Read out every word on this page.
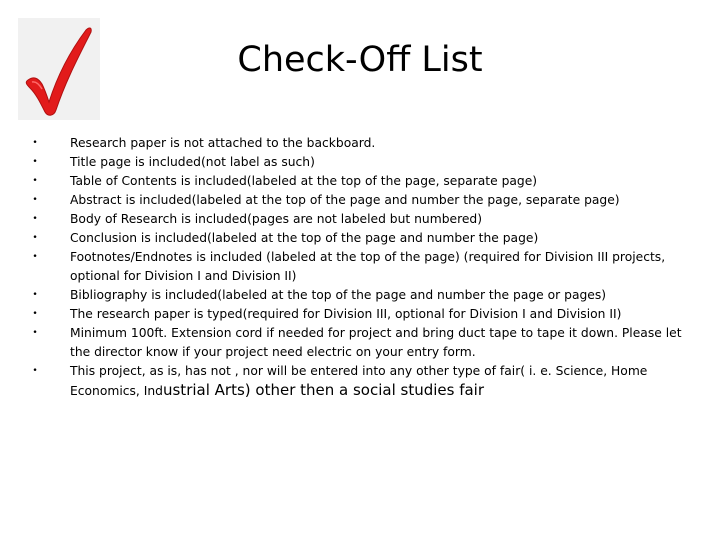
Check-Off List
•	Research paper is not attached to the backboard.
•	Title page is included(not label as such)
•	Table of Contents is included(labeled at the top of the page, separate page)
•	Abstract is included(labeled at the top of the page and number the page, separate page)
•	Body of Research is included(pages are not labeled but numbered)
•	Conclusion is included(labeled at the top of the page and number the page)
•	Footnotes/Endnotes is included (labeled at the top of the page) (required for Division III projects, optional for Division I and Division II)
•	Bibliography is included(labeled at the top of the page and number the page or pages)
•	The research paper is typed(required for Division III, optional for Division I and Division II)
•	Minimum 100ft. Extension cord if needed for project and bring duct tape to tape it down. Please let the director know if your project need electric on your entry form.
•	This project, as is, has not , nor will be entered into any other type of fair( i. e. Science, Home Economics, Industrial Arts) other then a social studies fair
